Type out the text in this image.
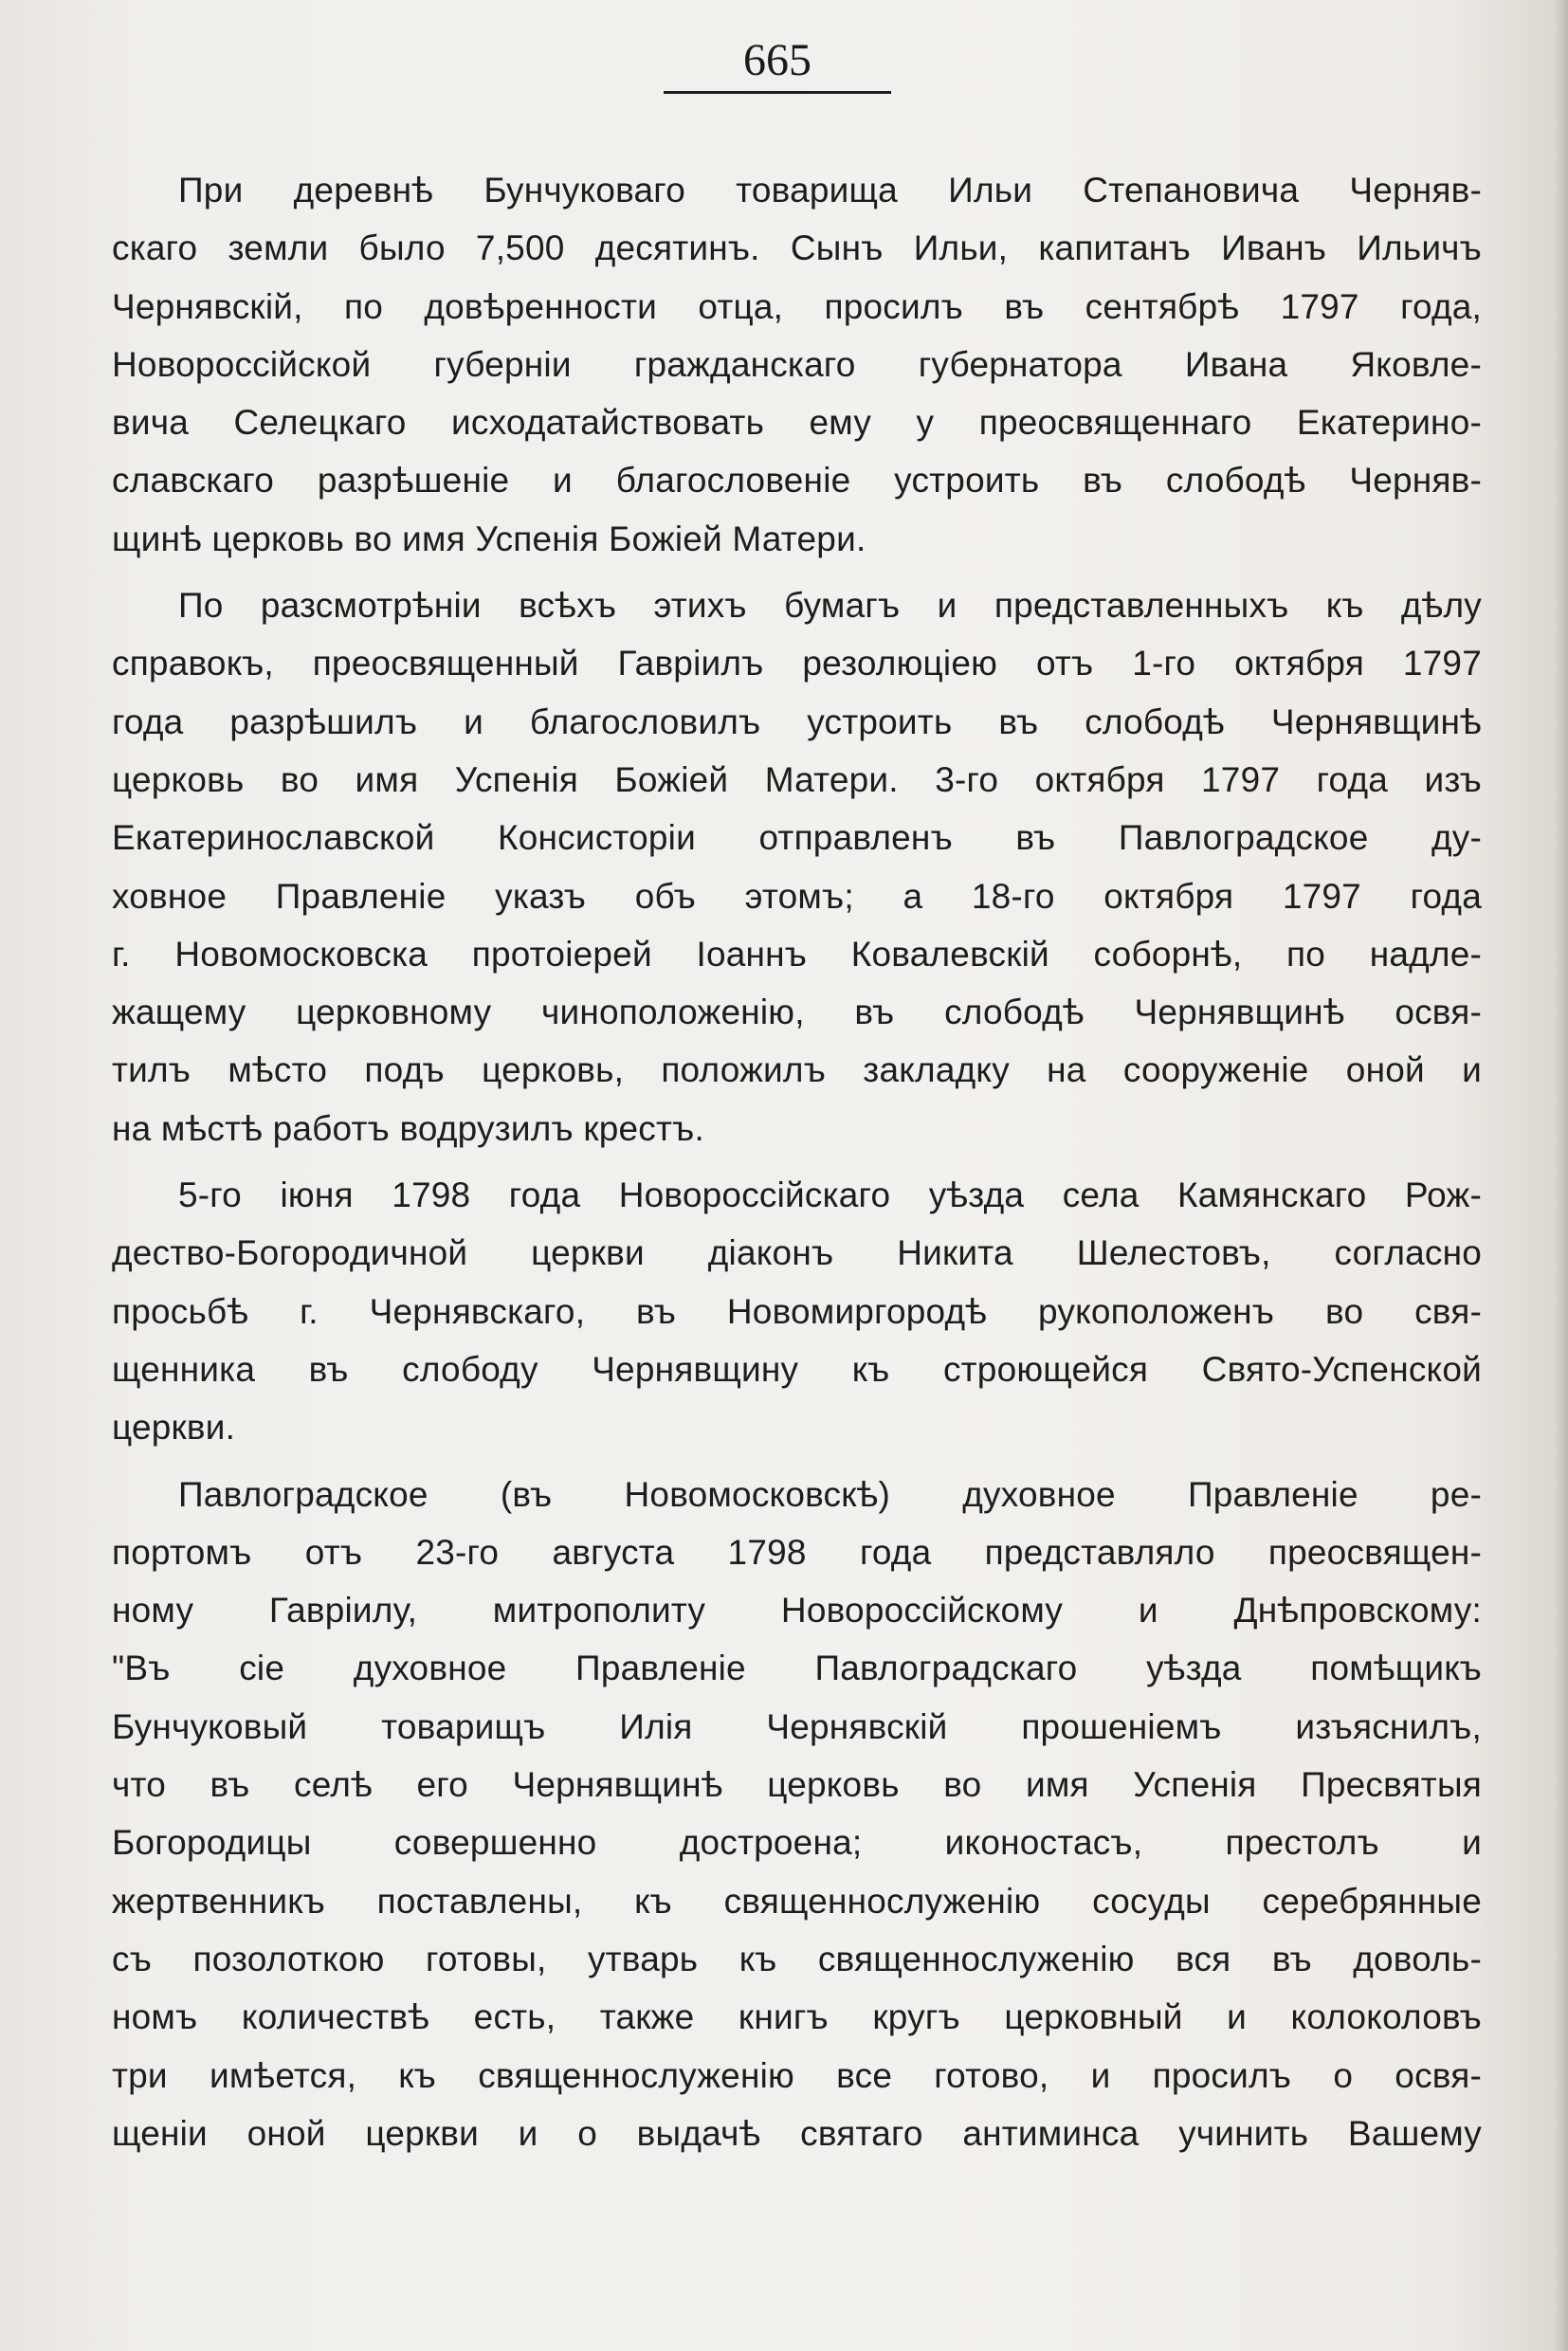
665
При деревнѣ Бунчуковаго товарища Ильи Степановича Черняв-
скаго земли было 7,500 десятинъ. Сынъ Ильи, капитанъ Иванъ Ильичъ
Чернявскій, по довѣренности отца, просилъ въ сентябрѣ 1797 года,
Новороссійской губерніи гражданскаго губернатора Ивана Яковле-
вича Селецкаго исходатайствовать ему у преосвященнаго Екатерино-
славскаго разрѣшеніе и благословеніе устроить въ слободѣ Черняв-
щинѣ церковь во имя Успенія Божіей Матери.
По разсмотрѣніи всѣхъ этихъ бумагъ и представленныхъ къ дѣлу
справокъ, преосвященный Гавріилъ резолюціею отъ 1-го октября 1797
года разрѣшилъ и благословилъ устроить въ слободѣ Чернявщинѣ
церковь во имя Успенія Божіей Матери. 3-го октября 1797 года изъ
Екатеринославской Консисторіи отправленъ въ Павлоградское ду-
ховное Правленіе указъ объ этомъ; а 18-го октября 1797 года
г. Новомосковска протоіерей Іоаннъ Ковалевскій соборнѣ, по надле-
жащему церковному чиноположенію, въ слободѣ Чернявщинѣ освя-
тилъ мѣсто подъ церковь, положилъ закладку на сооруженіе оной и
на мѣстѣ работъ водрузилъ крестъ.
5-го іюня 1798 года Новороссійскаго уѣзда села Камянскаго Рож-
дество-Богородичной церкви діаконъ Никита Шелестовъ, согласно
просьбѣ г. Чернявскаго, въ Новомиргородѣ рукоположенъ во свя-
щенника въ слободу Чернявщину къ строющейся Свято-Успенской
церкви.
Павлоградское (въ Новомосковскѣ) духовное Правленіе ре-
портомъ отъ 23-го августа 1798 года представляло преосвящен-
ному Гавріилу, митрополиту Новороссійскому и Днѣпровскому:
"Въ сіе духовное Правленіе Павлоградскаго уѣзда помѣщикъ
Бунчуковый товарищъ Илія Чернявскій прошеніемъ изъяснилъ,
что въ селѣ его Чернявщинѣ церковь во имя Успенія Пресвятыя
Богородицы совершенно достроена; иконостасъ, престолъ и
жертвенникъ поставлены, къ священнослуженію сосуды серебрянные
съ позолоткою готовы, утварь къ священнослуженію вся въ доволь-
номъ количествѣ есть, также книгъ кругъ церковный и колоколовъ
три имѣется, къ священнослуженію все готово, и просилъ о освя-
щеніи оной церкви и о выдачѣ святаго антиминса учинить Вашему
